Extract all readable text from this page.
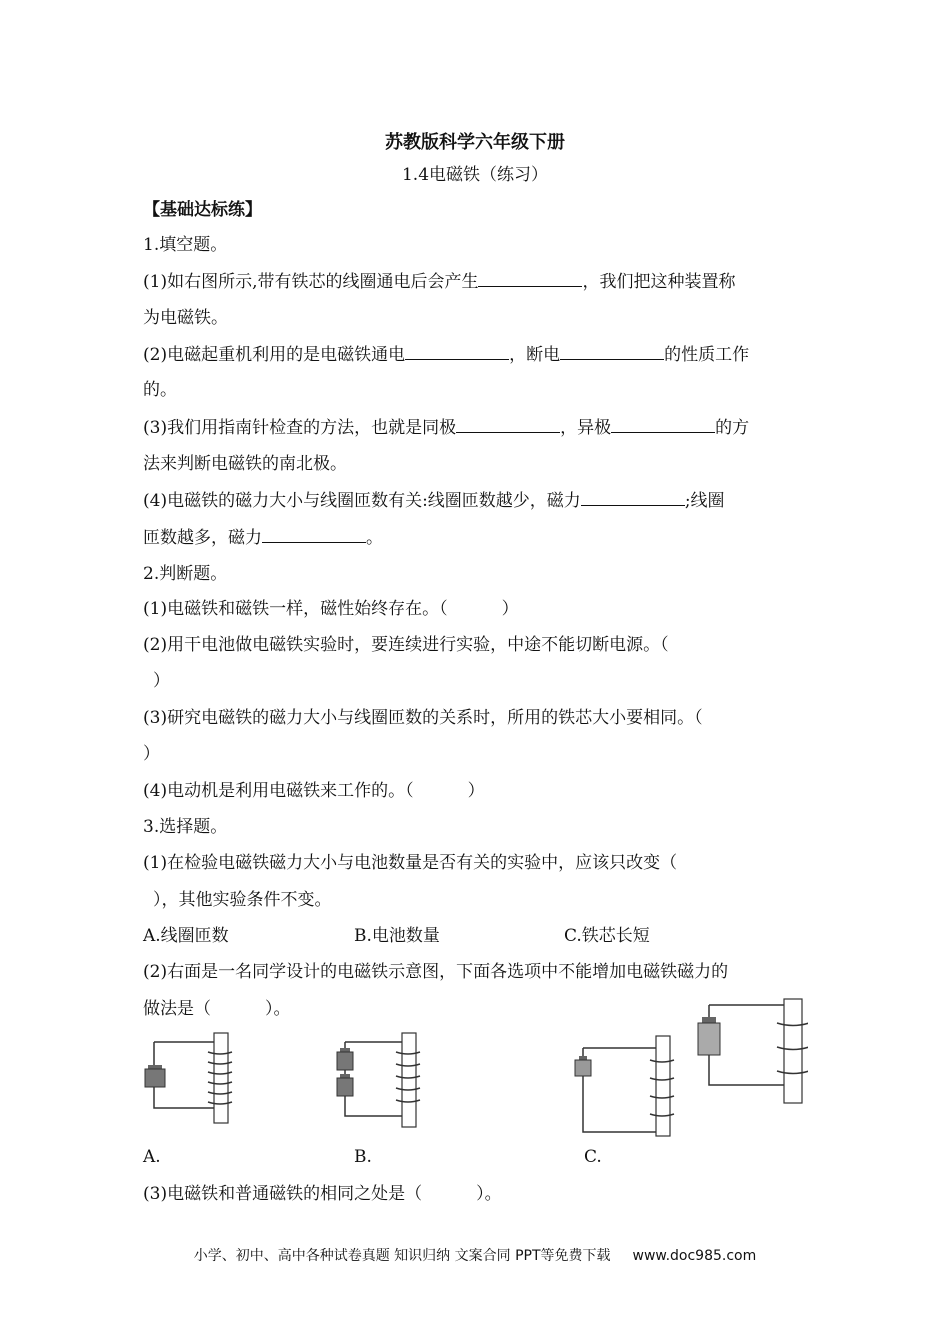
苏教版科学六年级下册
1.4电磁铁（练习）
【基础达标练】
1.填空题。
(1)如右图所示,带有铁芯的线圈通电后会产生	，我们把这种装置称
为电磁铁。
(2)电磁起重机利用的是电磁铁通电	，断电	的性质工作
的。
(3)我们用指南针检查的方法，也就是同极	，异极	的方
法来判断电磁铁的南北极。
(4)电磁铁的磁力大小与线圈匝数有关:线圈匝数越少，磁力	;线圈
匝数越多，磁力	。
2.判断题。
(1)电磁铁和磁铁一样，磁性始终存在。（	）
(2)用干电池做电磁铁实验时，要连续进行实验，中途不能切断电源。（
）
(3)研究电磁铁的磁力大小与线圈匝数的关系时，所用的铁芯大小要相同。（
）
(4)电动机是利用电磁铁来工作的。（	）
3.选择题。
(1)在检验电磁铁磁力大小与电池数量是否有关的实验中，应该只改变（
），其他实验条件不变。
A.线圈匝数	B.电池数量	C.铁芯长短
(2)右面是一名同学设计的电磁铁示意图，下面各选项中不能增加电磁铁磁力的
做法是（	）。
A.	B.	C.
(3)电磁铁和普通磁铁的相同之处是（	）。
小学、初中、高中各种试卷真题 知识归纳 文案合同 PPT等免费下载 www.doc985.com
